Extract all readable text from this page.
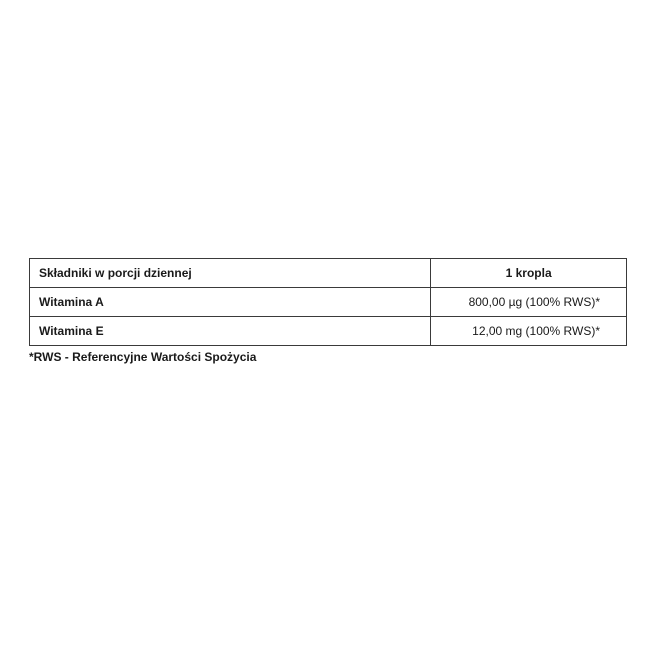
Składniki w porcji dziennej	1 kropla
Witamina A	800,00 µg (100% RWS)*
Witamina E	12,00 mg (100% RWS)*
*RWS - Referencyjne Wartości Spożycia
